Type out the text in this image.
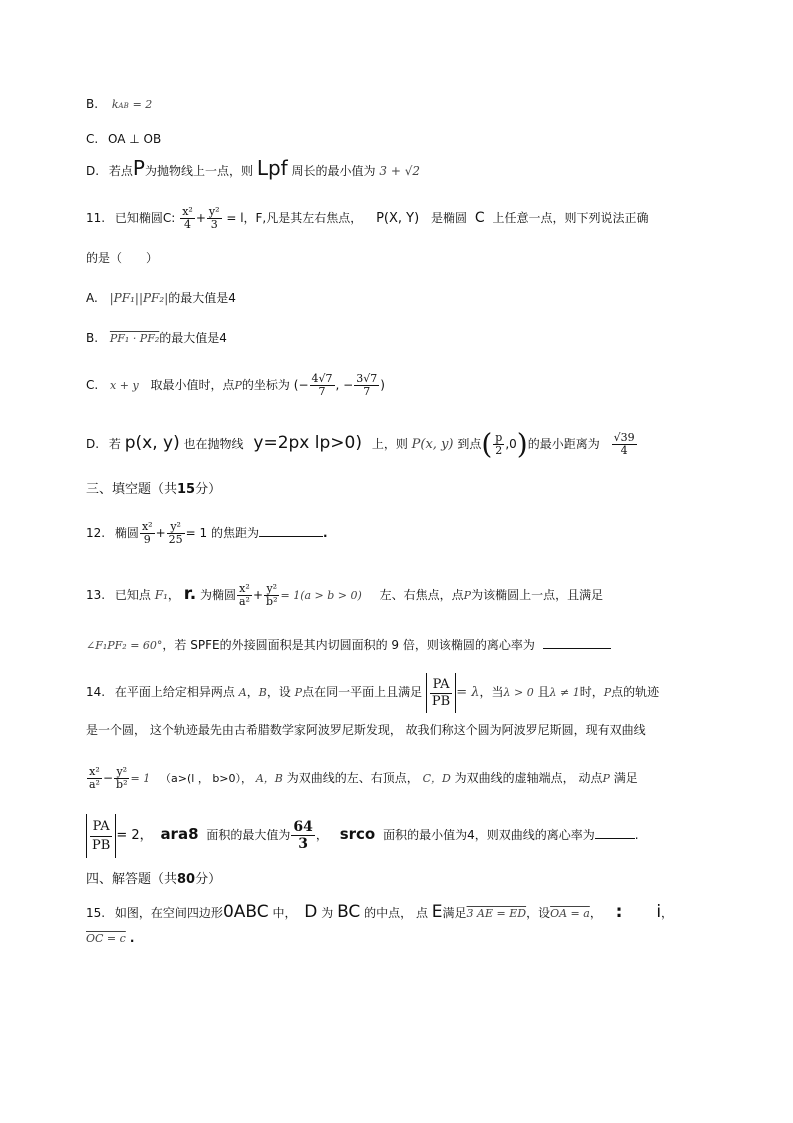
B. kAB = 2
C. OA ⊥ OB
D. 若点P为抛物线上一点，则 Lpf 周长的最小值为 3 + √2
11. 已知椭圆C: $\frac{\text{x²}}{4} + \frac{\text{y²}}{3} = l$，F,凡是其左右焦点， P(X, Y) 是椭圆 C 上任意一点，则下列说法正确
的是（　　）
A. |PF₁||PF₂|的最大值是4
B. PF₁ · PF₂的最大值是4
C. x + y 取最小值时，点P的坐标为 (− $\frac{4√7}{7}$ , − $\frac{3√7}{7}$ )
D. 若 p(x, y) 也在抛物线 y=2px lp>0) 上，则 P(x, y) 到点( $\frac{p}{2} ,0$)的最小距离为 $\frac{√39}{4}$
三、填空题（共15分）
12. 椭圆 $\frac{\text{x²}}{9} + \frac{\text{y²}}{25} = 1$ 的焦距为	.
13. 已知点 F₁， r. 为椭圆 $\frac{\text{x²}}{\text{a²}} + \frac{\text{y²}}{\text{b²}} = 1(a > b > 0)$ 左、右焦点，点P为该椭圆上一点，且满足
∠F₁PF₂ = 60°，若 SPFE的外接圆面积是其内切圆面积的 9 倍，则该椭圆的离心率为
14. 在平面上给定相异两点 A，B，设 P点在同一平面上且满足 $\frac{PA}{PB} = \lambda$，当λ > 0 且λ ≠ 1时，P点的轨迹
是一个圆， 这个轨迹最先由古希腊数学家阿波罗尼斯发现， 故我们称这个圆为阿波罗尼斯圆，现有双曲线
$\frac{\text{x²}}{\text{a²}} - \frac{\text{y²}}{\text{b²}} = 1$ （a>(l ， b>0）， A，B 为双曲线的左、右顶点， C，D 为双曲线的虚轴端点， 动点P 满足
$\frac{PA}{PB} = 2$， ara8 面积的最大值为 $\frac{64}{3}$ ， srco 面积的最小值为4，则双曲线的离心率为	.
四、解答题（共80分）
15. 如图，在空间四边形0ABC 中， D 为 BC 的中点， 点 E满足3 AE = ED，设OA = a， : i，
OC = c .
